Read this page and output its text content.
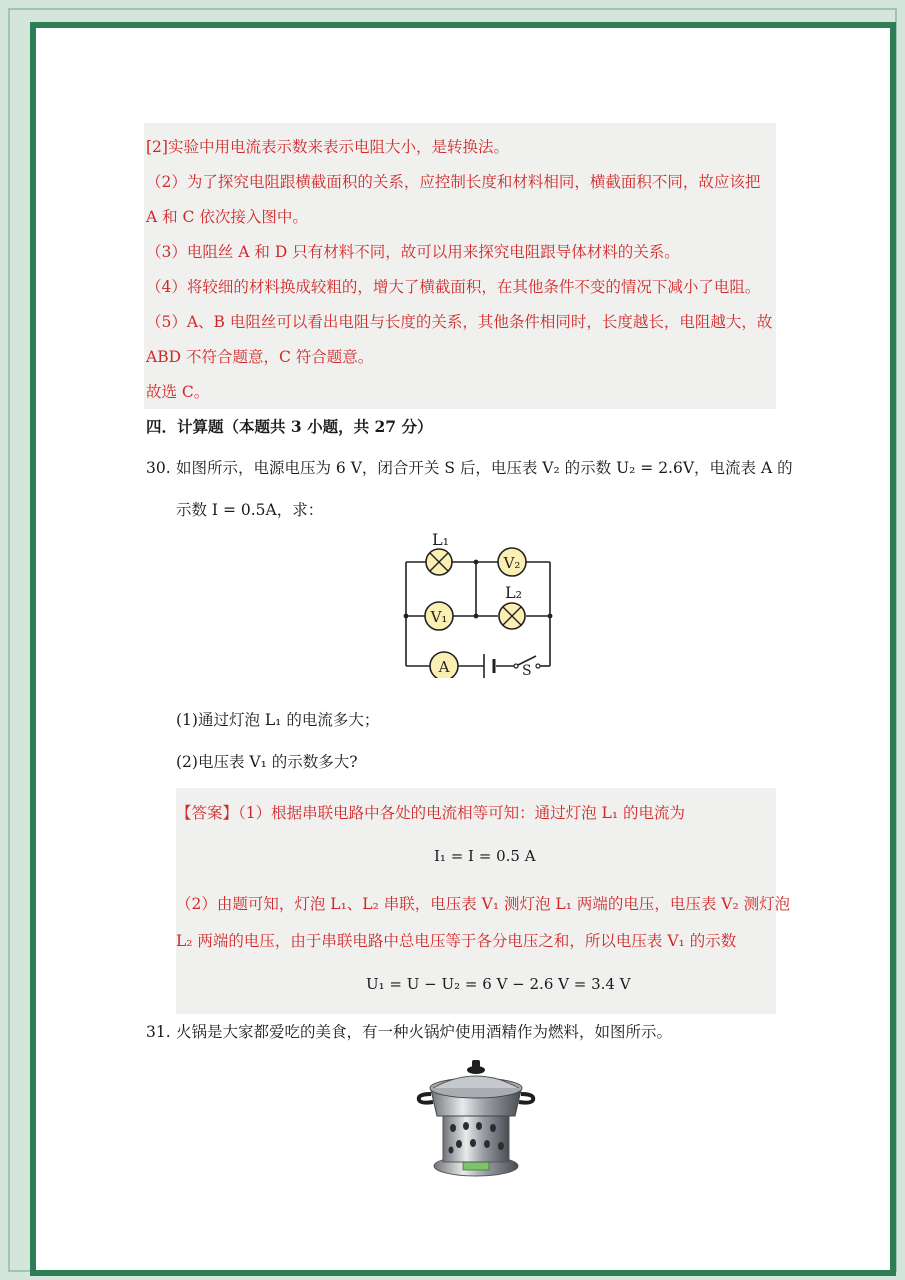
[2]实验中用电流表示数来表示电阻大小，是转换法。
（2）为了探究电阻跟横截面积的关系，应控制长度和材料相同，横截面积不同，故应该把
A 和 C 依次接入图中。
（3）电阻丝 A 和 D 只有材料不同，故可以用来探究电阻跟导体材料的关系。
（4）将较细的材料换成较粗的，增大了横截面积，在其他条件不变的情况下减小了电阻。
（5）A、B 电阻丝可以看出电阻与长度的关系，其他条件相同时，长度越长，电阻越大，故
ABD 不符合题意，C 符合题意。
故选 C。
四．计算题（本题共 3 小题，共 27 分）
30. 如图所示，电源电压为 6 V，闭合开关 S 后，电压表 V₂ 的示数 U₂ = 2.6V，电流表 A 的
示数 I = 0.5A，求：
L₁
V₂
V₁
L₂
A	S
(1)通过灯泡 L₁ 的电流多大；
(2)电压表 V₁ 的示数多大?
【答案】（1）根据串联电路中各处的电流相等可知：通过灯泡 L₁ 的电流为
I₁ = I = 0.5 A
（2）由题可知，灯泡 L₁、L₂ 串联，电压表 V₁ 测灯泡 L₁ 两端的电压，电压表 V₂ 测灯泡
L₂ 两端的电压，由于串联电路中总电压等于各分电压之和，所以电压表 V₁ 的示数
U₁ = U − U₂ = 6 V − 2.6 V = 3.4 V
31. 火锅是大家都爱吃的美食，有一种火锅炉使用酒精作为燃料，如图所示。
